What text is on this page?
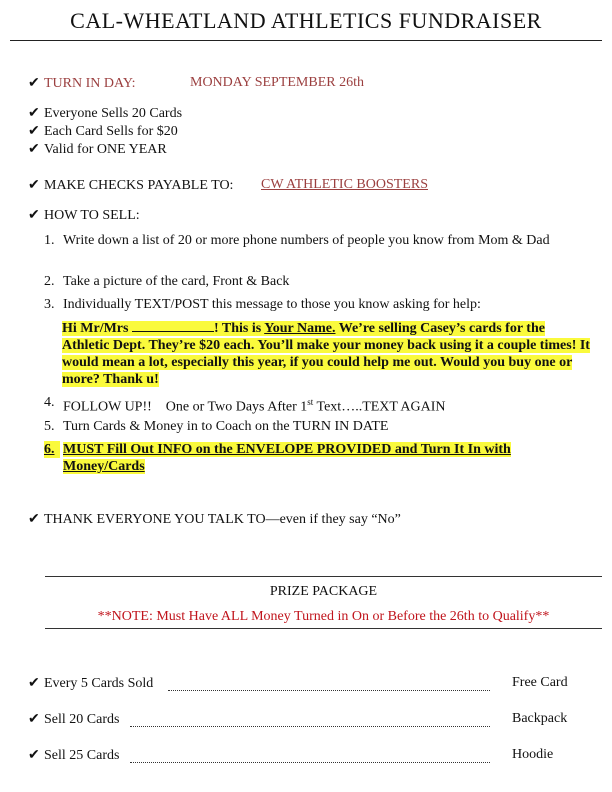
CAL-WHEATLAND ATHLETICS FUNDRAISER
✔ TURN IN DAY:	MONDAY SEPTEMBER 26th
✔ Everyone Sells 20 Cards
✔ Each Card Sells for $20
✔ Valid for ONE YEAR
✔ MAKE CHECKS PAYABLE TO: CW ATHLETIC BOOSTERS
✔ HOW TO SELL:
1. Write down a list of 20 or more phone numbers of people you know from Mom & Dad
2. Take a picture of the card, Front & Back
3. Individually TEXT/POST this message to those you know asking for help:
Hi Mr/Mrs	! This is Your Name. We’re selling Casey’s cards for the Athletic Dept. They’re $20 each. You’ll make your money back using it a couple times! It would mean a lot, especially this year, if you could help me out. Would you buy one or more? Thank u!
4. FOLLOW UP!!    One or Two Days After 1st Text…..TEXT AGAIN
5. Turn Cards & Money in to Coach on the TURN IN DATE
6. MUST Fill Out INFO on the ENVELOPE PROVIDED and Turn It In with Money/Cards
✔ THANK EVERYONE YOU TALK TO—even if they say “No”
PRIZE PACKAGE
**NOTE: Must Have ALL Money Turned in On or Before the 26th to Qualify**
✔ Every 5 Cards Sold	Free Card
✔ Sell 20 Cards	Backpack
✔ Sell 25 Cards	Hoodie
